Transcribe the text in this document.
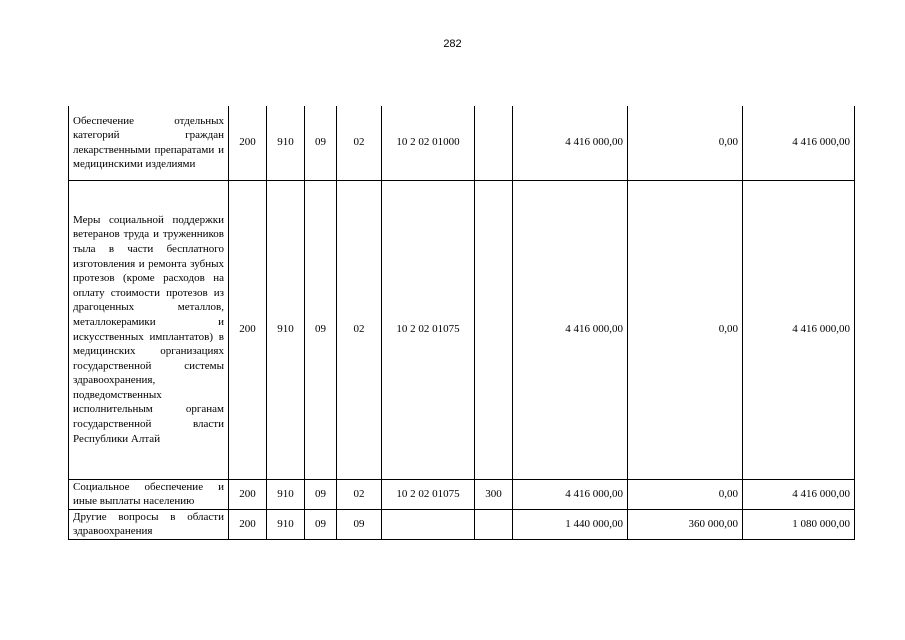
282
Обеспечение отдельных категорий граждан лекарственными препаратами и медицинскими изделиями	200	910	09	02	10 2 02 01000		4 416 000,00	0,00	4 416 000,00
Меры социальной поддержки ветеранов труда и труженников тыла в части бесплатного изготовления и ремонта зубных протезов (кроме расходов на оплату стоимости протезов из драгоценных металлов, металлокерамики и искусственных имплантатов) в медицинских организациях государственной системы здравоохранения, подведомственных исполнительным органам государственной власти Республики Алтай	200	910	09	02	10 2 02 01075		4 416 000,00	0,00	4 416 000,00
Социальное обеспечение и иные выплаты населению	200	910	09	02	10 2 02 01075	300	4 416 000,00	0,00	4 416 000,00
Другие вопросы в области здравоохранения	200	910	09	09			1 440 000,00	360 000,00	1 080 000,00
